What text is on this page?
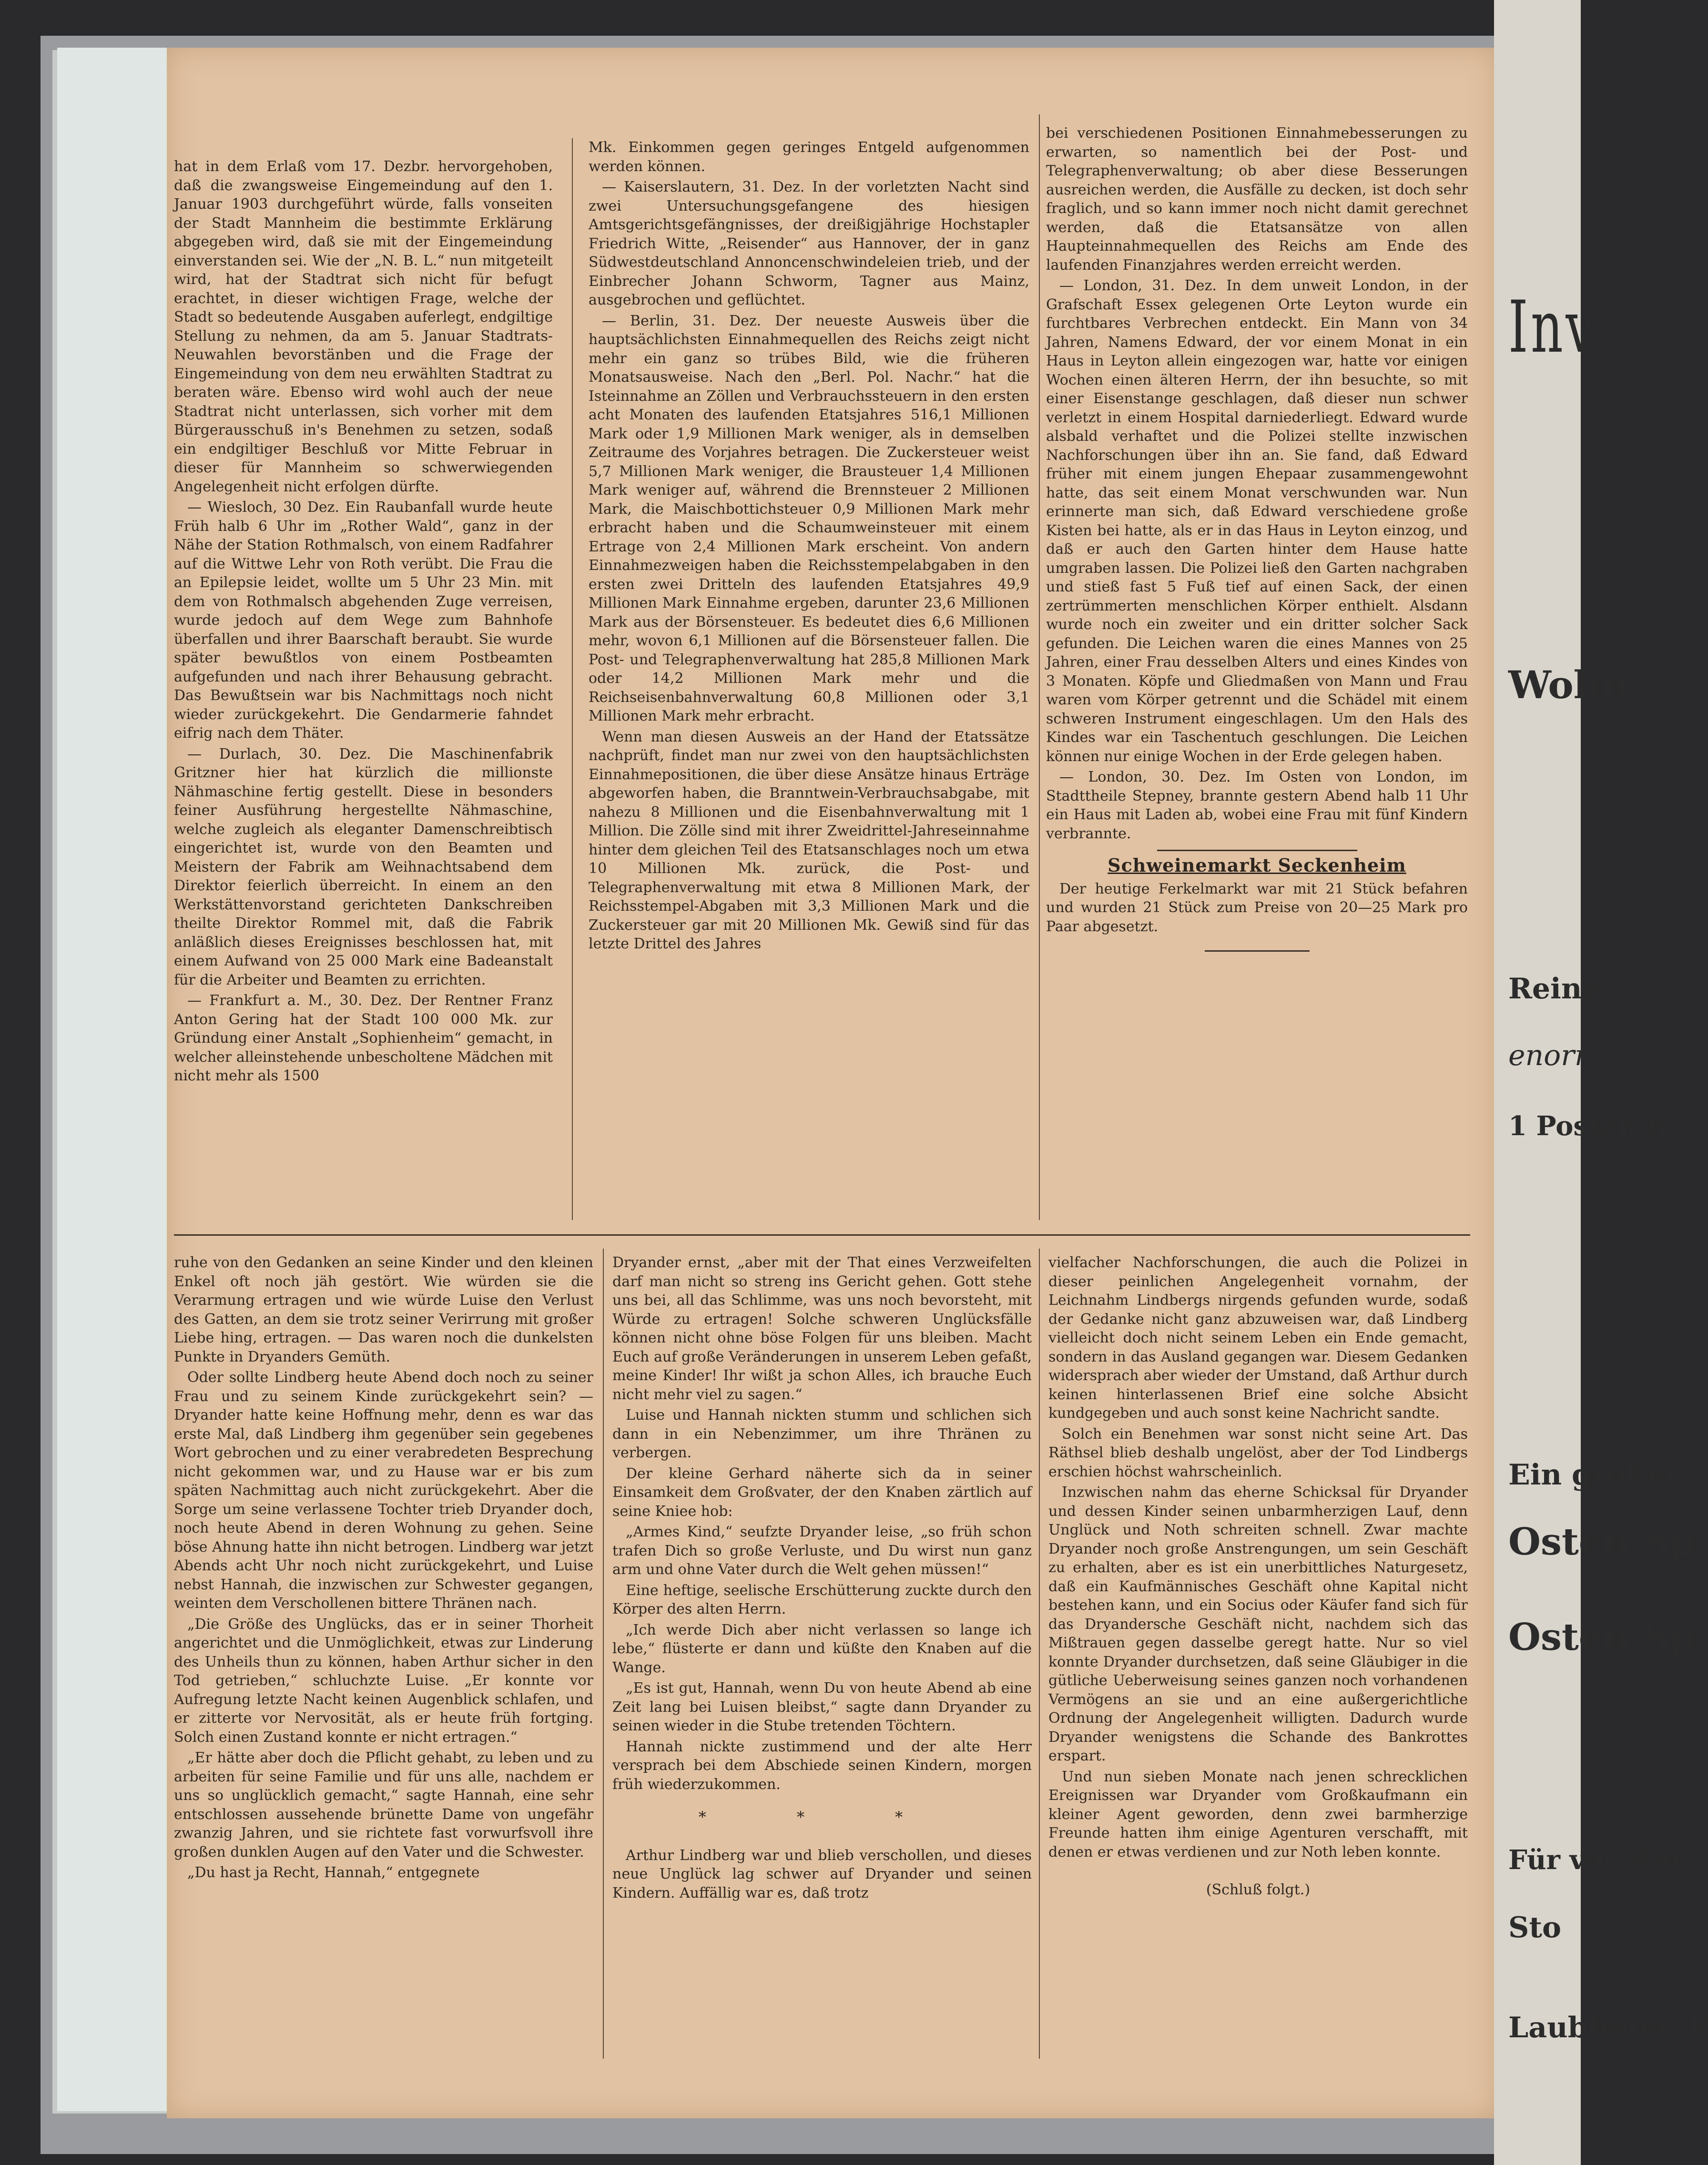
hat in dem Erlaß vom 17. Dezbr. hervorgehoben, daß die zwangsweise Eingemeindung auf den 1. Januar 1903 durchgeführt würde, falls vonseiten der Stadt Mannheim die bestimmte Erklärung abgegeben wird, daß sie mit der Eingemeindung einverstanden sei. Wie der „N. B. L.“ nun mitgeteilt wird, hat der Stadtrat sich nicht für befugt erachtet, in dieser wichtigen Frage, welche der Stadt so bedeutende Ausgaben auferlegt, endgiltige Stellung zu nehmen, da am 5. Januar Stadtrats-Neuwahlen bevorstänben und die Frage der Eingemeindung von dem neu erwählten Stadtrat zu beraten wäre. Ebenso wird wohl auch der neue Stadtrat nicht unterlassen, sich vorher mit dem Bürgerausschuß in's Benehmen zu setzen, sodaß ein endgiltiger Beschluß vor Mitte Februar in dieser für Mannheim so schwerwiegenden Angelegenheit nicht erfolgen dürfte.

— Wiesloch, 30 Dez. Ein Raubanfall wurde heute Früh halb 6 Uhr im „Rother Wald“, ganz in der Nähe der Station Rothmalsch, von einem Radfahrer auf die Wittwe Lehr von Roth verübt. Die Frau die an Epilepsie leidet, wollte um 5 Uhr 23 Min. mit dem von Rothmalsch abgehenden Zuge verreisen, wurde jedoch auf dem Wege zum Bahnhofe überfallen und ihrer Baarschaft beraubt. Sie wurde später bewußtlos von einem Postbeamten aufgefunden und nach ihrer Behausung gebracht. Das Bewußtsein war bis Nachmittags noch nicht wieder zurückgekehrt. Die Gendarmerie fahndet eifrig nach dem Thäter.

— Durlach, 30. Dez. Die Maschinenfabrik Gritzner hier hat kürzlich die millionste Nähmaschine fertig gestellt. Diese in besonders feiner Ausführung hergestellte Nähmaschine, welche zugleich als eleganter Damenschreibtisch eingerichtet ist, wurde von den Beamten und Meistern der Fabrik am Weihnachtsabend dem Direktor feierlich überreicht. In einem an den Werkstättenvorstand gerichteten Dankschreiben theilte Direktor Rommel mit, daß die Fabrik anläßlich dieses Ereignisses beschlossen hat, mit einem Aufwand von 25 000 Mark eine Badeanstalt für die Arbeiter und Beamten zu errichten.

— Frankfurt a. M., 30. Dez. Der Rentner Franz Anton Gering hat der Stadt 100 000 Mk. zur Gründung einer Anstalt „Sophienheim“ gemacht, in welcher alleinstehende unbescholtene Mädchen mit nicht mehr als 1500

Mk. Einkommen gegen geringes Entgeld aufgenommen werden können.

— Kaiserslautern, 31. Dez. In der vorletzten Nacht sind zwei Untersuchungsgefangene des hiesigen Amtsgerichtsgefängnisses, der dreißigjährige Hochstapler Friedrich Witte, „Reisender“ aus Hannover, der in ganz Südwestdeutschland Annoncenschwindeleien trieb, und der Einbrecher Johann Schworm, Tagner aus Mainz, ausgebrochen und geflüchtet.

— Berlin, 31. Dez. Der neueste Ausweis über die hauptsächlichsten Einnahmequellen des Reichs zeigt nicht mehr ein ganz so trübes Bild, wie die früheren Monatsausweise. Nach den „Berl. Pol. Nachr.“ hat die Isteinnahme an Zöllen und Verbrauchssteuern in den ersten acht Monaten des laufenden Etatsjahres 516,1 Millionen Mark oder 1,9 Millionen Mark weniger, als in demselben Zeitraume des Vorjahres betragen. Die Zuckersteuer weist 5,7 Millionen Mark weniger, die Brausteuer 1,4 Millionen Mark weniger auf, während die Brennsteuer 2 Millionen Mark, die Maischbottichsteuer 0,9 Millionen Mark mehr erbracht haben und die Schaumweinsteuer mit einem Ertrage von 2,4 Millionen Mark erscheint. Von andern Einnahmezweigen haben die Reichsstempelabgaben in den ersten zwei Dritteln des laufenden Etatsjahres 49,9 Millionen Mark Einnahme ergeben, darunter 23,6 Millionen Mark aus der Börsensteuer. Es bedeutet dies 6,6 Millionen mehr, wovon 6,1 Millionen auf die Börsensteuer fallen. Die Post- und Telegraphenverwaltung hat 285,8 Millionen Mark oder 14,2 Millionen Mark mehr und die Reichseisenbahnverwaltung 60,8 Millionen oder 3,1 Millionen Mark mehr erbracht.

Wenn man diesen Ausweis an der Hand der Etatssätze nachprüft, findet man nur zwei von den hauptsächlichsten Einnahmepositionen, die über diese Ansätze hinaus Erträge abgeworfen haben, die Branntwein-Verbrauchsabgabe, mit nahezu 8 Millionen und die Eisenbahnverwaltung mit 1 Million. Die Zölle sind mit ihrer Zweidrittel-Jahreseinnahme hinter dem gleichen Teil des Etatsanschlages noch um etwa 10 Millionen Mk. zurück, die Post- und Telegraphenverwaltung mit etwa 8 Millionen Mark, der Reichsstempel-Abgaben mit 3,3 Millionen Mark und die Zuckersteuer gar mit 20 Millionen Mk. Gewiß sind für das letzte Drittel des Jahres

bei verschiedenen Positionen Einnahmebesserungen zu erwarten, so namentlich bei der Post- und Telegraphenverwaltung; ob aber diese Besserungen ausreichen werden, die Ausfälle zu decken, ist doch sehr fraglich, und so kann immer noch nicht damit gerechnet werden, daß die Etatsansätze von allen Haupteinnahmequellen des Reichs am Ende des laufenden Finanzjahres werden erreicht werden.

— London, 31. Dez. In dem unweit London, in der Grafschaft Essex gelegenen Orte Leyton wurde ein furchtbares Verbrechen entdeckt. Ein Mann von 34 Jahren, Namens Edward, der vor einem Monat in ein Haus in Leyton allein eingezogen war, hatte vor einigen Wochen einen älteren Herrn, der ihn besuchte, so mit einer Eisenstange geschlagen, daß dieser nun schwer verletzt in einem Hospital darniederliegt. Edward wurde alsbald verhaftet und die Polizei stellte inzwischen Nachforschungen über ihn an. Sie fand, daß Edward früher mit einem jungen Ehepaar zusammengewohnt hatte, das seit einem Monat verschwunden war. Nun erinnerte man sich, daß Edward verschiedene große Kisten bei hatte, als er in das Haus in Leyton einzog, und daß er auch den Garten hinter dem Hause hatte umgraben lassen. Die Polizei ließ den Garten nachgraben und stieß fast 5 Fuß tief auf einen Sack, der einen zertrümmerten menschlichen Körper enthielt. Alsdann wurde noch ein zweiter und ein dritter solcher Sack gefunden. Die Leichen waren die eines Mannes von 25 Jahren, einer Frau desselben Alters und eines Kindes von 3 Monaten. Köpfe und Gliedmaßen von Mann und Frau waren vom Körper getrennt und die Schädel mit einem schweren Instrument eingeschlagen. Um den Hals des Kindes war ein Taschentuch geschlungen. Die Leichen können nur einige Wochen in der Erde gelegen haben.

— London, 30. Dez. Im Osten von London, im Stadttheile Stepney, brannte gestern Abend halb 11 Uhr ein Haus mit Laden ab, wobei eine Frau mit fünf Kindern verbrannte.

Schweinemarkt Seckenheim

Der heutige Ferkelmarkt war mit 21 Stück befahren und wurden 21 Stück zum Preise von 20—25 Mark pro Paar abgesetzt.

ruhe von den Gedanken an seine Kinder und den kleinen Enkel oft noch jäh gestört. Wie würden sie die Verarmung ertragen und wie würde Luise den Verlust des Gatten, an dem sie trotz seiner Verirrung mit großer Liebe hing, ertragen. — Das waren noch die dunkelsten Punkte in Dryanders Gemüth.

Oder sollte Lindberg heute Abend doch noch zu seiner Frau und zu seinem Kinde zurückgekehrt sein? — Dryander hatte keine Hoffnung mehr, denn es war das erste Mal, daß Lindberg ihm gegenüber sein gegebenes Wort gebrochen und zu einer verabredeten Besprechung nicht gekommen war, und zu Hause war er bis zum späten Nachmittag auch nicht zurückgekehrt. Aber die Sorge um seine verlassene Tochter trieb Dryander doch, noch heute Abend in deren Wohnung zu gehen. Seine böse Ahnung hatte ihn nicht betrogen. Lindberg war jetzt Abends acht Uhr noch nicht zurückgekehrt, und Luise nebst Hannah, die inzwischen zur Schwester gegangen, weinten dem Verschollenen bittere Thränen nach.

„Die Größe des Unglücks, das er in seiner Thorheit angerichtet und die Unmöglichkeit, etwas zur Linderung des Unheils thun zu können, haben Arthur sicher in den Tod getrieben,“ schluchzte Luise. „Er konnte vor Aufregung letzte Nacht keinen Augenblick schlafen, und er zitterte vor Nervosität, als er heute früh fortging. Solch einen Zustand konnte er nicht ertragen.“

„Er hätte aber doch die Pflicht gehabt, zu leben und zu arbeiten für seine Familie und für uns alle, nachdem er uns so unglücklich gemacht,“ sagte Hannah, eine sehr entschlossen aussehende brünette Dame von ungefähr zwanzig Jahren, und sie richtete fast vorwurfsvoll ihre großen dunklen Augen auf den Vater und die Schwester.

„Du hast ja Recht, Hannah,“ entgegnete

Dryander ernst, „aber mit der That eines Verzweifelten darf man nicht so streng ins Gericht gehen. Gott stehe uns bei, all das Schlimme, was uns noch bevorsteht, mit Würde zu ertragen! Solche schweren Unglücksfälle können nicht ohne böse Folgen für uns bleiben. Macht Euch auf große Veränderungen in unserem Leben gefaßt, meine Kinder! Ihr wißt ja schon Alles, ich brauche Euch nicht mehr viel zu sagen.“

Luise und Hannah nickten stumm und schlichen sich dann in ein Nebenzimmer, um ihre Thränen zu verbergen.

Der kleine Gerhard näherte sich da in seiner Einsamkeit dem Großvater, der den Knaben zärtlich auf seine Kniee hob:

„Armes Kind,“ seufzte Dryander leise, „so früh schon trafen Dich so große Verluste, und Du wirst nun ganz arm und ohne Vater durch die Welt gehen müssen!“

Eine heftige, seelische Erschütterung zuckte durch den Körper des alten Herrn.

„Ich werde Dich aber nicht verlassen so lange ich lebe,“ flüsterte er dann und küßte den Knaben auf die Wange.

„Es ist gut, Hannah, wenn Du von heute Abend ab eine Zeit lang bei Luisen bleibst,“ sagte dann Dryander zu seinen wieder in die Stube tretenden Töchtern.

Hannah nickte zustimmend und der alte Herr versprach bei dem Abschiede seinen Kindern, morgen früh wiederzukommen.

* * *

Arthur Lindberg war und blieb verschollen, und dieses neue Unglück lag schwer auf Dryander und seinen Kindern. Auffällig war es, daß trotz

vielfacher Nachforschungen, die auch die Polizei in dieser peinlichen Angelegenheit vornahm, der Leichnahm Lindbergs nirgends gefunden wurde, sodaß der Gedanke nicht ganz abzuweisen war, daß Lindberg vielleicht doch nicht seinem Leben ein Ende gemacht, sondern in das Ausland gegangen war. Diesem Gedanken widersprach aber wieder der Umstand, daß Arthur durch keinen hinterlassenen Brief eine solche Absicht kundgegeben und auch sonst keine Nachricht sandte.

Solch ein Benehmen war sonst nicht seine Art. Das Räthsel blieb deshalb ungelöst, aber der Tod Lindbergs erschien höchst wahrscheinlich.

Inzwischen nahm das eherne Schicksal für Dryander und dessen Kinder seinen unbarmherzigen Lauf, denn Unglück und Noth schreiten schnell. Zwar machte Dryander noch große Anstrengungen, um sein Geschäft zu erhalten, aber es ist ein unerbittliches Naturgesetz, daß ein Kaufmännisches Geschäft ohne Kapital nicht bestehen kann, und ein Socius oder Käufer fand sich für das Dryandersche Geschäft nicht, nachdem sich das Mißtrauen gegen dasselbe geregt hatte. Nur so viel konnte Dryander durchsetzen, daß seine Gläubiger in die gütliche Ueberweisung seines ganzen noch vorhandenen Vermögens an sie und an eine außergerichtliche Ordnung der Angelegenheit willigten. Dadurch wurde Dryander wenigstens die Schande des Bankrottes erspart.

Und nun sieben Monate nach jenen schrecklichen Ereignissen war Dryander vom Großkaufmann ein kleiner Agent geworden, denn zwei barmherzige Freunde hatten ihm einige Agenturen verschafft, mit denen er etwas verdienen und zur Noth leben konnte.

(Schluß folgt.)
Inv
Wohn
Reine
enorm
1 Posten R
Ein großer
Osten Sp
Osten Sp
Für vor Wei
Sto
Laubheim, F
